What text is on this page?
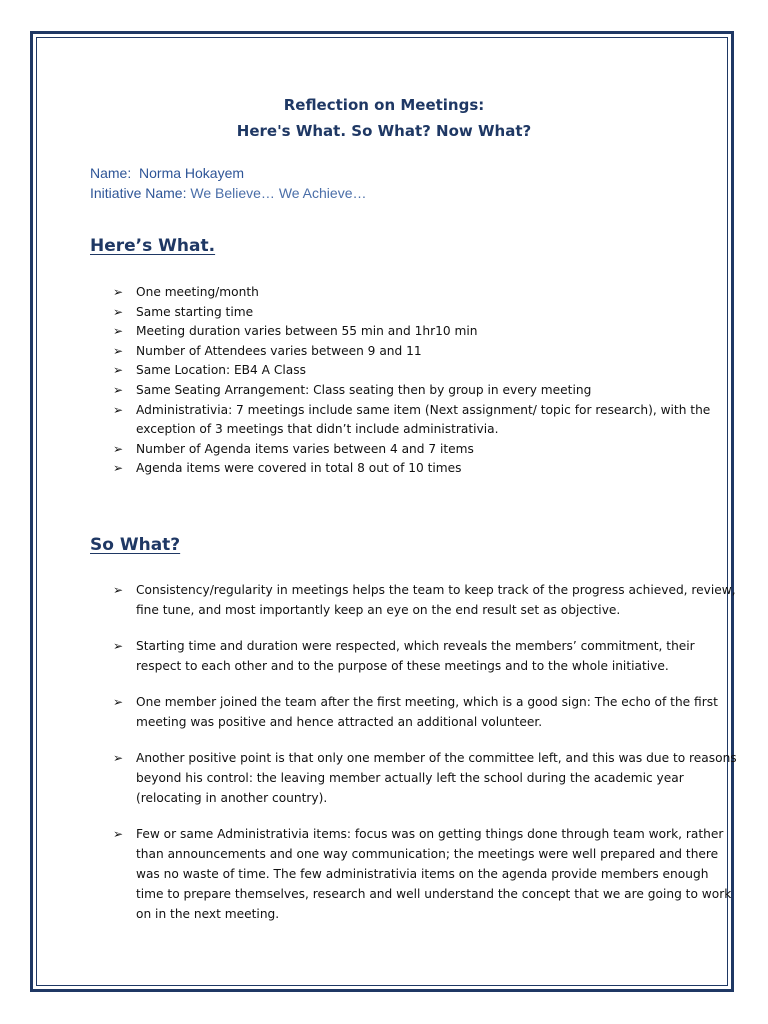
Reflection on Meetings:
Here's What. So What? Now What?
Name: Norma Hokayem
Initiative Name: We Believe… We Achieve…
Here’s What.
➢ One meeting/month
➢ Same starting time
➢ Meeting duration varies between 55 min and 1hr10 min
➢ Number of Attendees varies between 9 and 11
➢ Same Location: EB4 A Class
➢ Same Seating Arrangement: Class seating then by group in every meeting
➢ Administrativia: 7 meetings include same item (Next assignment/ topic for research), with the exception of 3 meetings that didn’t include administrativia.
➢ Number of Agenda items varies between 4 and 7 items
➢ Agenda items were covered in total 8 out of 10 times
So What?
➢ Consistency/regularity in meetings helps the team to keep track of the progress achieved, review, fine tune, and most importantly keep an eye on the end result set as objective.
➢ Starting time and duration were respected, which reveals the members’ commitment, their respect to each other and to the purpose of these meetings and to the whole initiative.
➢ One member joined the team after the first meeting, which is a good sign: The echo of the first meeting was positive and hence attracted an additional volunteer.
➢ Another positive point is that only one member of the committee left, and this was due to reasons beyond his control: the leaving member actually left the school during the academic year (relocating in another country).
➢ Few or same Administrativia items: focus was on getting things done through team work, rather than announcements and one way communication; the meetings were well prepared and there was no waste of time. The few administrativia items on the agenda provide members enough time to prepare themselves, research and well understand the concept that we are going to work on in the next meeting.
